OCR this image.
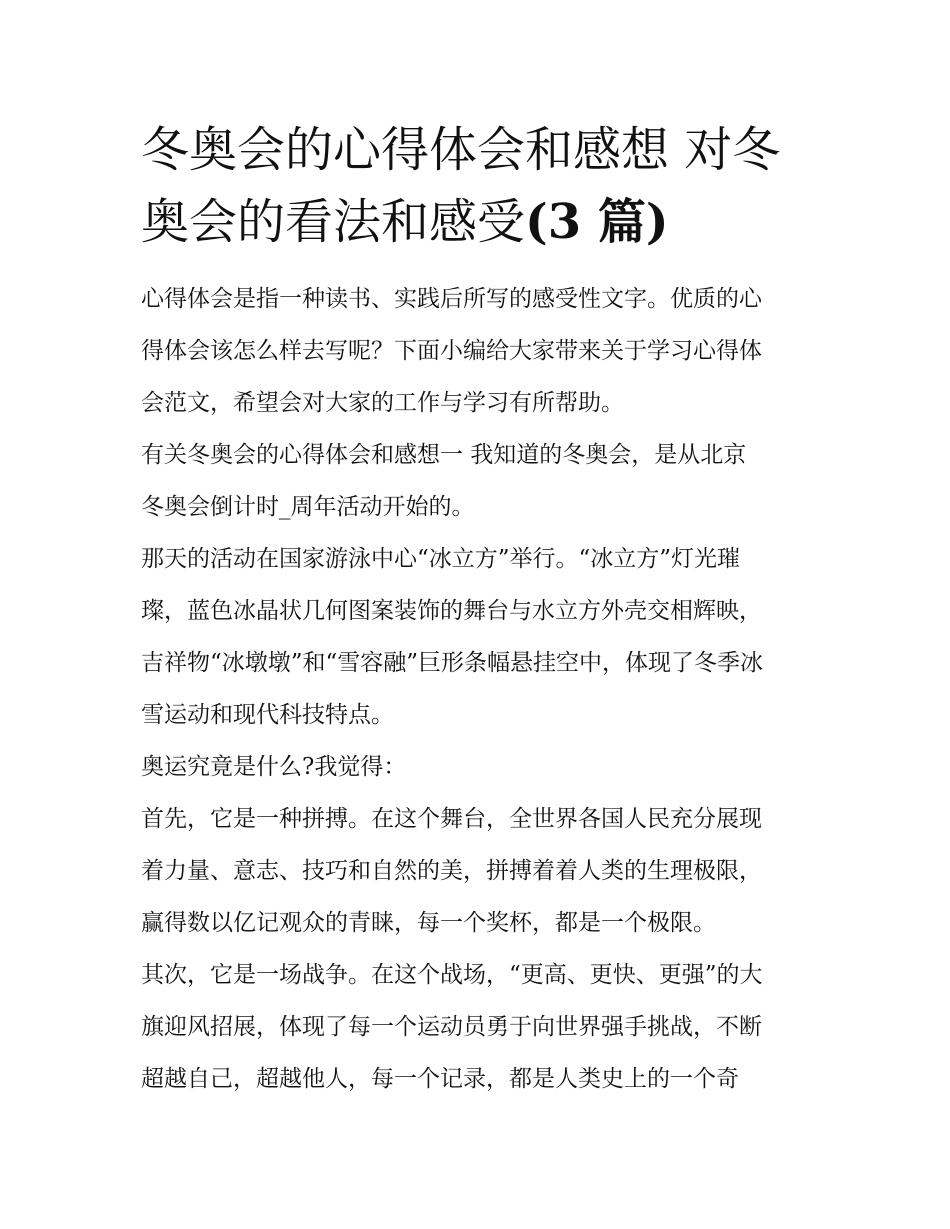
冬奥会的心得体会和感想 对冬
奥会的看法和感受(3 篇)
心得体会是指一种读书、实践后所写的感受性文字。优质的心
得体会该怎么样去写呢？下面小编给大家带来关于学习心得体
会范文，希望会对大家的工作与学习有所帮助。
有关冬奥会的心得体会和感想一 我知道的冬奥会，是从北京
冬奥会倒计时_周年活动开始的。
那天的活动在国家游泳中心“冰立方”举行。“冰立方”灯光璀
璨，蓝色冰晶状几何图案装饰的舞台与水立方外壳交相辉映，
吉祥物“冰墩墩”和“雪容融”巨形条幅悬挂空中，体现了冬季冰
雪运动和现代科技特点。
奥运究竟是什么?我觉得：
首先，它是一种拼搏。在这个舞台，全世界各国人民充分展现
着力量、意志、技巧和自然的美，拼搏着着人类的生理极限，
赢得数以亿记观众的青睐，每一个奖杯，都是一个极限。
其次，它是一场战争。在这个战场，“更高、更快、更强”的大
旗迎风招展，体现了每一个运动员勇于向世界强手挑战，不断
超越自己，超越他人，每一个记录，都是人类史上的一个奇
